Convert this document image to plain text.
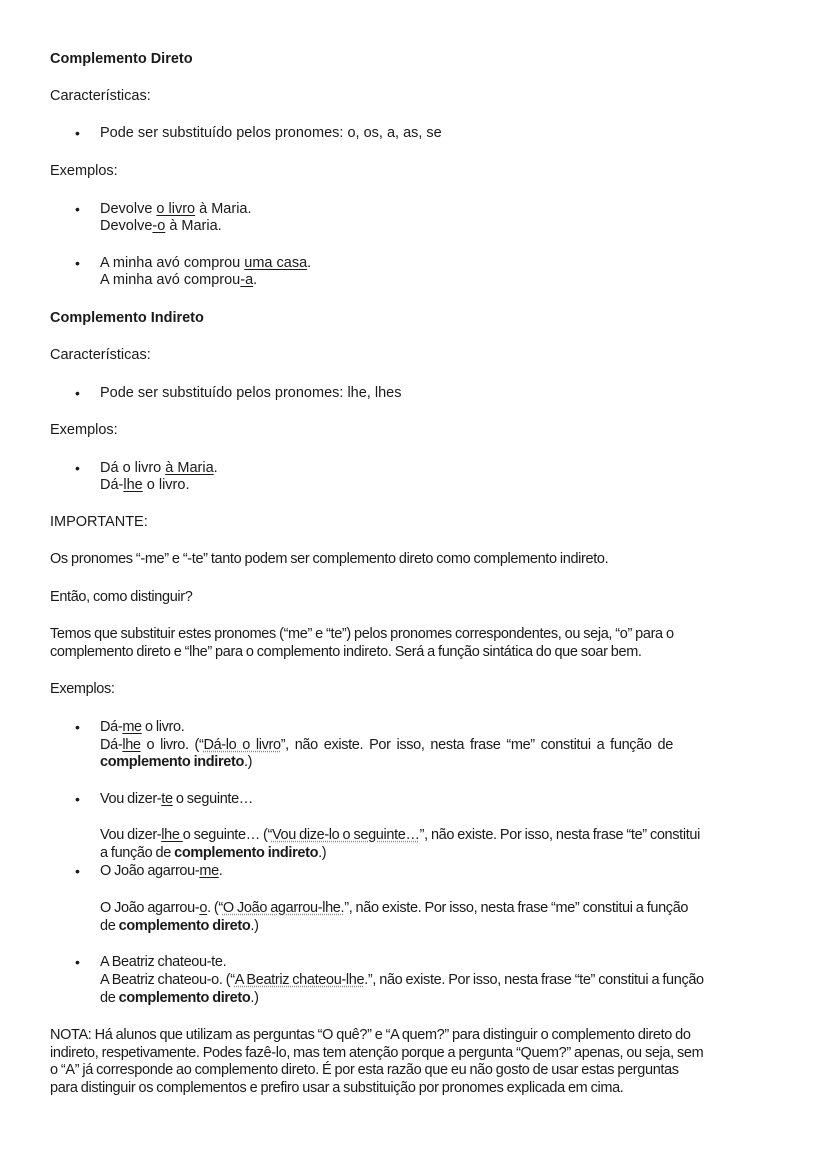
Complemento Direto
Características:
• Pode ser substituído pelos pronomes: o, os, a, as, se
Exemplos:
• Devolve o livro à Maria.
Devolve-o à Maria.
• A minha avó comprou uma casa.
A minha avó comprou-a.
Complemento Indireto
Características:
• Pode ser substituído pelos pronomes: lhe, lhes
Exemplos:
• Dá o livro à Maria.
Dá-lhe o livro.
IMPORTANTE:
Os pronomes “-me” e “-te” tanto podem ser complemento direto como complemento indireto.
Então, como distinguir?
Temos que substituir estes pronomes (“me” e “te”) pelos pronomes correspondentes, ou seja, “o” para o
complemento direto e “lhe” para o complemento indireto. Será a função sintática do que soar bem.
Exemplos:
• Dá-me o livro.
Dá-lhe o livro. (“Dá-lo o livro”, não existe. Por isso, nesta frase “me” constitui a função de
complemento indireto.)
• Vou dizer-te o seguinte…
Vou dizer-lhe o seguinte… (“Vou dize-lo o seguinte…”, não existe. Por isso, nesta frase “te” constitui
a função de complemento indireto.)
• O João agarrou-me.
O João agarrou-o. (“O João agarrou-lhe.”, não existe. Por isso, nesta frase “me” constitui a função
de complemento direto.)
• A Beatriz chateou-te.
A Beatriz chateou-o. (“A Beatriz chateou-lhe.”, não existe. Por isso, nesta frase “te” constitui a função
de complemento direto.)
NOTA: Há alunos que utilizam as perguntas “O quê?” e “A quem?” para distinguir o complemento direto do
indireto, respetivamente. Podes fazê-lo, mas tem atenção porque a pergunta “Quem?” apenas, ou seja, sem
o “A” já corresponde ao complemento direto. É por esta razão que eu não gosto de usar estas perguntas
para distinguir os complementos e prefiro usar a substituição por pronomes explicada em cima.
